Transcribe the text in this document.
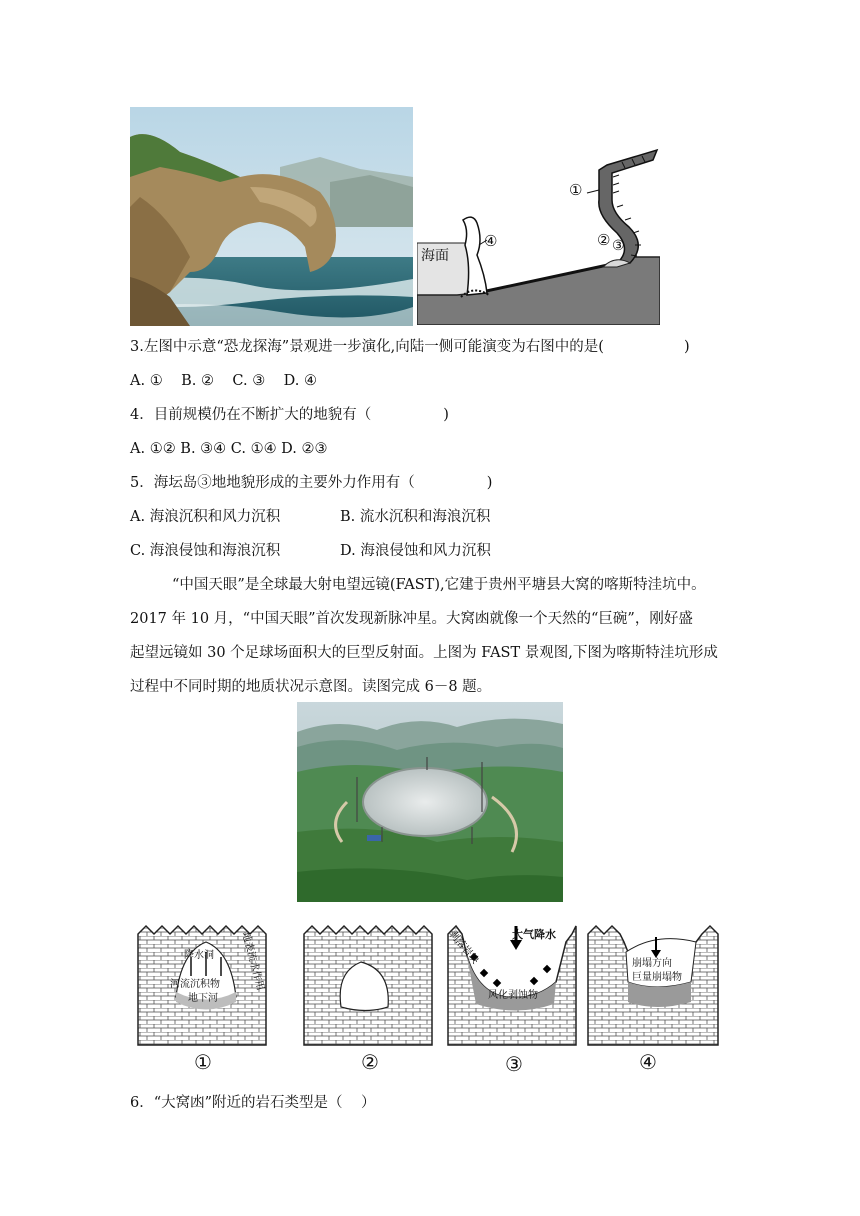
海面
①
② ③
④
3.左图中示意“恐龙探海”景观进一步演化,向陆一侧可能演变为右图中的是(	)
A. ①    B. ②    C. ③    D. ④
4．目前规模仍在不断扩大的地貌有（	)
A. ①② B. ③④ C. ①④ D. ②③
5．海坛岛③地地貌形成的主要外力作用有（	)
A. 海浪沉积和风力沉积	B. 流水沉积和海浪沉积
C. 海浪侵蚀和海浪沉积	D. 海浪侵蚀和风力沉积
“中国天眼”是全球最大射电望远镜(FAST),它建于贵州平塘县大窝的喀斯特洼坑中。
2017 年 10 月，“中国天眼”首次发现新脉冲星。大窝凼就像一个天然的“巨碗”，刚好盛
起望远镜如 30 个足球场面积大的巨型反射面。上图为 FAST 景观图,下图为喀斯特洼坑形成
过程中不同时期的地质状况示意图。读图完成 6－8 题。
降水洞
河流沉积物
地下河
地表流水作用	剥落岩块	大气降水
风化剥蚀物
崩塌方向
巨量崩塌物
①	②	③	④
6．“大窝凼”附近的岩石类型是（    ）
